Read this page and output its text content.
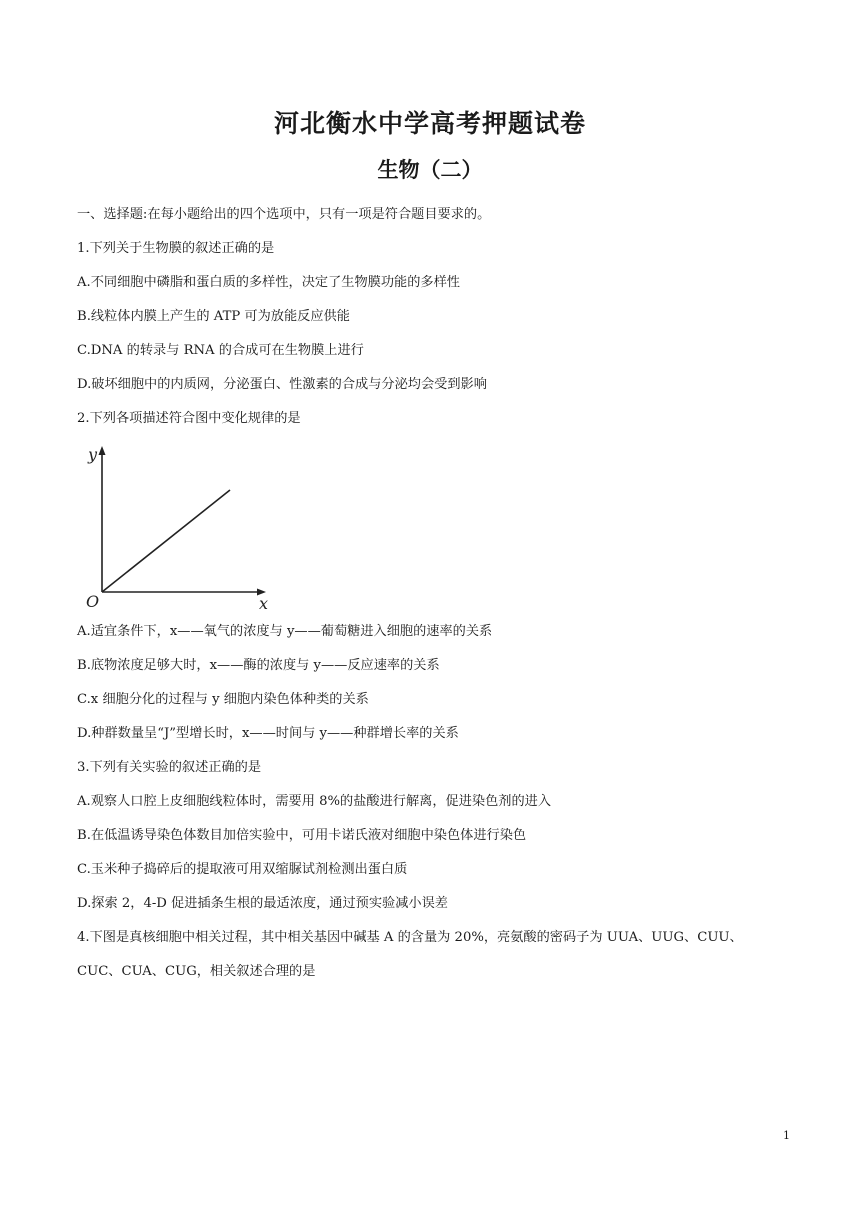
河北衡水中学高考押题试卷
生物（二）
一、选择题:在每小题给出的四个选项中，只有一项是符合题目要求的。
1.下列关于生物膜的叙述正确的是
A.不同细胞中磷脂和蛋白质的多样性，决定了生物膜功能的多样性
B.线粒体内膜上产生的 ATP 可为放能反应供能
C.DNA 的转录与 RNA 的合成可在生物膜上进行
D.破坏细胞中的内质网，分泌蛋白、性激素的合成与分泌均会受到影响
2.下列各项描述符合图中变化规律的是
y
x
O
A.适宜条件下，x——氧气的浓度与 y——葡萄糖进入细胞的速率的关系
B.底物浓度足够大时，x——酶的浓度与 y——反应速率的关系
C.x 细胞分化的过程与 y 细胞内染色体种类的关系
D.种群数量呈“J”型增长时，x——时间与 y——种群增长率的关系
3.下列有关实验的叙述正确的是
A.观察人口腔上皮细胞线粒体时，需要用 8%的盐酸进行解离，促进染色剂的进入
B.在低温诱导染色体数目加倍实验中，可用卡诺氏液对细胞中染色体进行染色
C.玉米种子捣碎后的提取液可用双缩脲试剂检测出蛋白质
D.探索 2，4-D 促进插条生根的最适浓度，通过预实验减小误差
4.下图是真核细胞中相关过程，其中相关基因中碱基 A 的含量为 20%，亮氨酸的密码子为 UUA、UUG、CUU、
CUC、CUA、CUG，相关叙述合理的是
1
